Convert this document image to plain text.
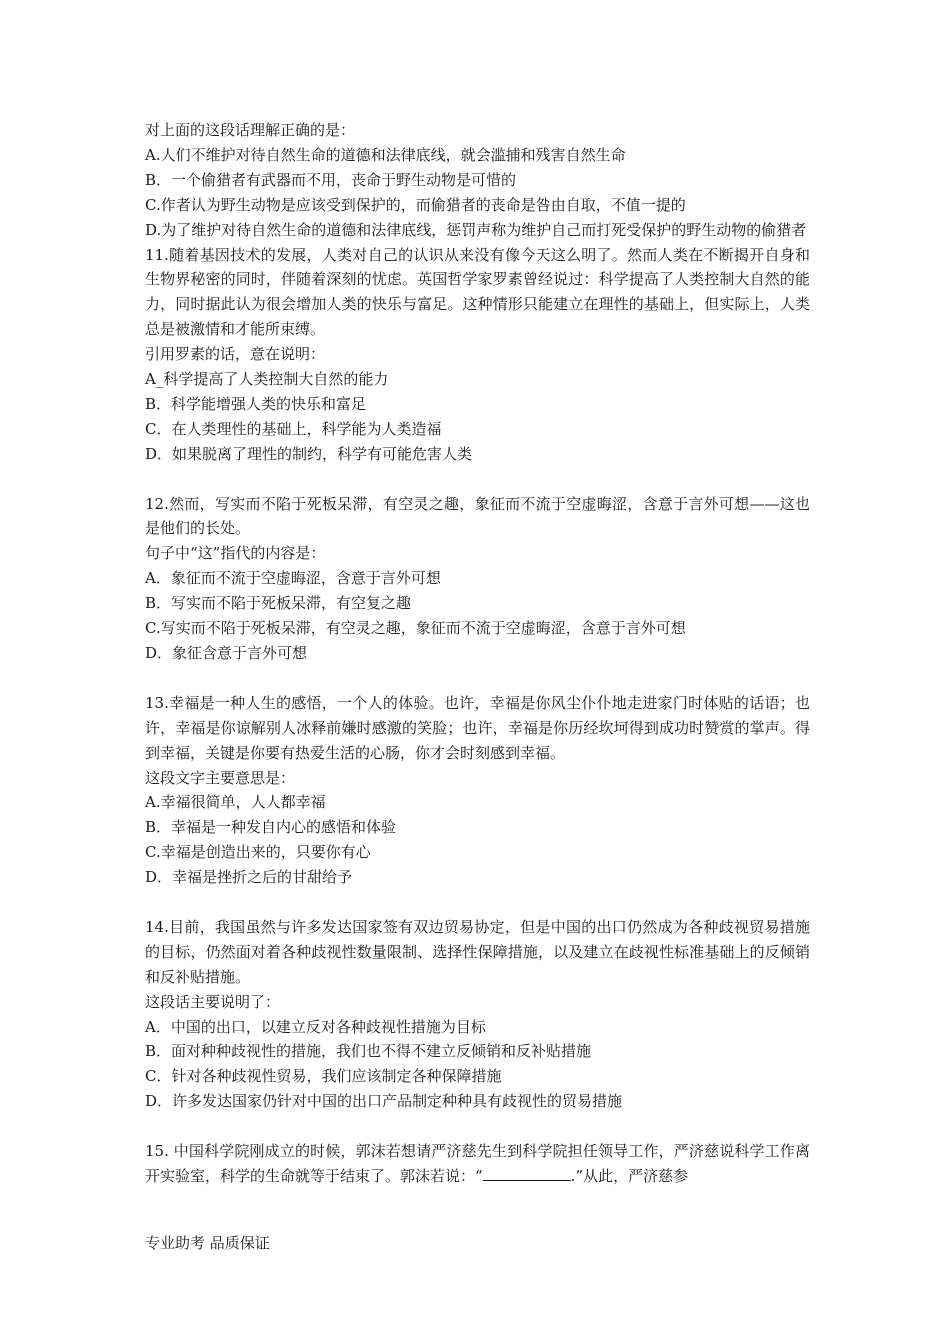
对上面的这段话理解正确的是：

A.人们不维护对待自然生命的道德和法律底线，就会滥捕和残害自然生命

B．一个偷猎者有武器而不用，丧命于野生动物是可惜的

C.作者认为野生动物是应该受到保护的，而偷猎者的丧命是咎由自取，不值一提的

D.为了维护对待自然生命的道德和法律底线，惩罚声称为维护自己而打死受保护的野生动物的偷猎者

11.随着基因技术的发展，人类对自己的认识从来没有像今天这么明了。然而人类在不断揭开自身和生物界秘密的同时，伴随着深刻的忧虑。英国哲学家罗素曾经说过：科学提高了人类控制大自然的能力，同时据此认为很会增加人类的快乐与富足。这种情形只能建立在理性的基础上，但实际上，人类总是被激情和才能所束缚。

引用罗素的话，意在说明：

A_科学提高了人类控制大自然的能力

B．科学能增强人类的快乐和富足

C．在人类理性的基础上，科学能为人类造福

D．如果脱离了理性的制约，科学有可能危害人类

12.然而，写实而不陷于死板呆滞，有空灵之趣，象征而不流于空虚晦涩，含意于言外可想——这也是他们的长处。

句子中“这”指代的内容是：

A．象征而不流于空虚晦涩，含意于言外可想

B．写实而不陷于死板呆滞，有空复之趣

C.写实而不陷于死板呆滞，有空灵之趣，象征而不流于空虚晦涩，含意于言外可想

D．象征含意于言外可想

13.幸福是一种人生的感悟，一个人的体验。也许，幸福是你风尘仆仆地走进家门时体贴的话语；也许，幸福是你谅解别人冰释前嫌时感激的笑脸；也许，幸福是你历经坎坷得到成功时赞赏的掌声。得到幸福，关键是你要有热爱生活的心肠，你才会时刻感到幸福。

这段文字主要意思是：

A.幸福很简单，人人都幸福

B．幸福是一种发自内心的感悟和体验

C.幸福是创造出来的，只要你有心

D．幸福是挫折之后的甘甜给予

14.目前，我国虽然与许多发达国家签有双边贸易协定，但是中国的出口仍然成为各种歧视贸易措施的目标，仍然面对着各种歧视性数量限制、选择性保障措施，以及建立在歧视性标准基础上的反倾销和反补贴措施。

这段话主要说明了：

A．中国的出口，以建立反对各种歧视性措施为目标

B．面对种种歧视性的措施，我们也不得不建立反倾销和反补贴措施

C．针对各种歧视性贸易，我们应该制定各种保障措施

D．许多发达国家仍针对中国的出口产品制定种种具有歧视性的贸易措施

15. 中国科学院刚成立的时候，郭沫若想请严济慈先生到科学院担任领导工作，严济慈说科学工作离开实验室，科学的生命就等于结束了。郭沫若说：“	.”从此，严济慈参

专业助考 品质保证
